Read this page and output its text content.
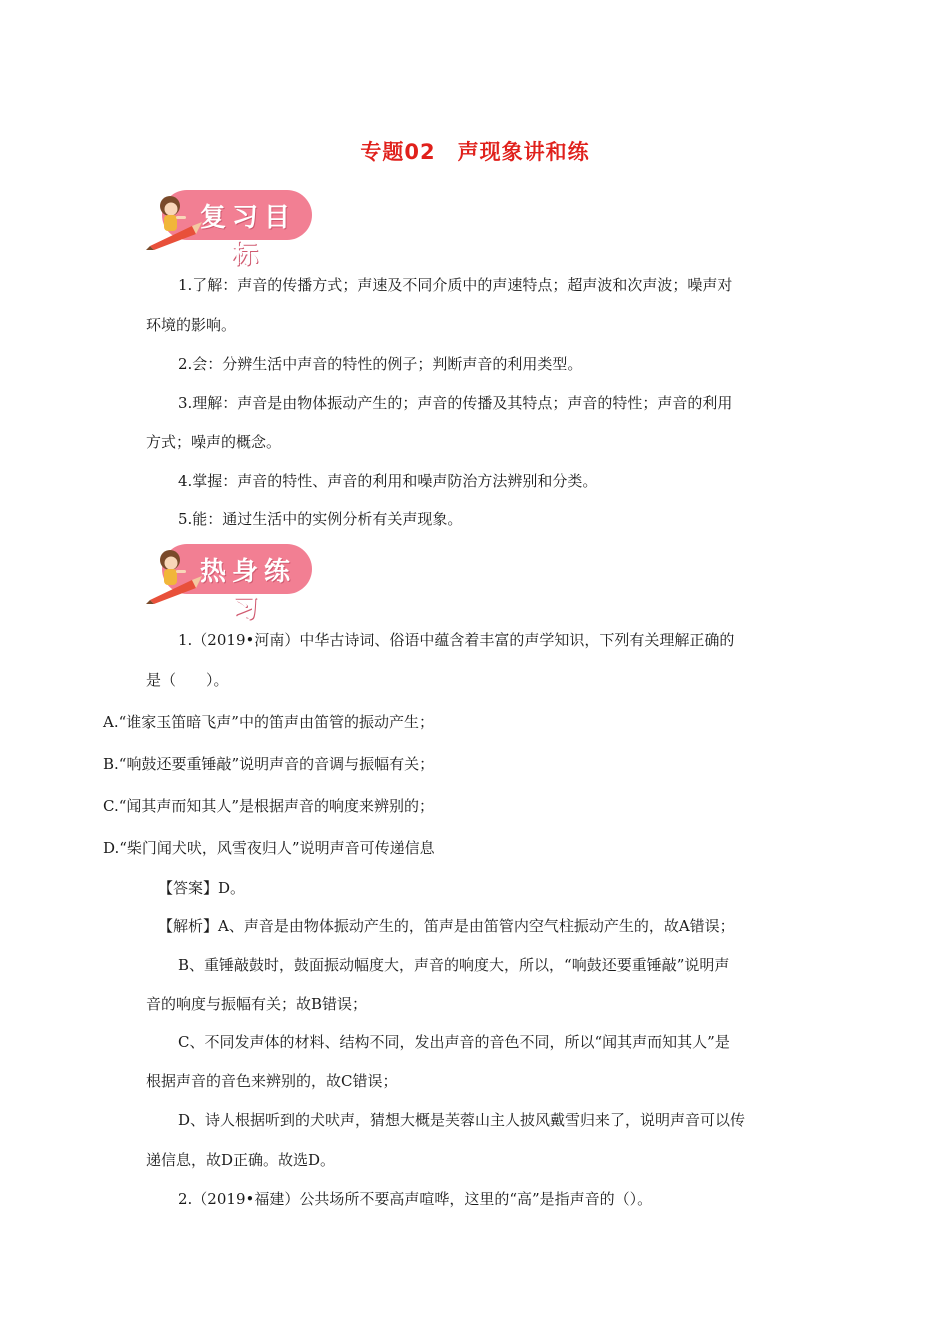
专题02　声现象讲和练
复习目标
1.了解：声音的传播方式；声速及不同介质中的声速特点；超声波和次声波；噪声对
环境的影响。
2.会：分辨生活中声音的特性的例子；判断声音的利用类型。
3.理解：声音是由物体振动产生的；声音的传播及其特点；声音的特性；声音的利用
方式；噪声的概念。
4.掌握：声音的特性、声音的利用和噪声防治方法辨别和分类。
5.能：通过生活中的实例分析有关声现象。
热身练习
1.（2019•河南）中华古诗词、俗语中蕴含着丰富的声学知识，下列有关理解正确的
是（　　）。
A.“谁家玉笛暗飞声”中的笛声由笛管的振动产生；
B.“响鼓还要重锤敲”说明声音的音调与振幅有关；
C.“闻其声而知其人”是根据声音的响度来辨别的；
D.“柴门闻犬吠，风雪夜归人”说明声音可传递信息
【答案】D。
【解析】A、声音是由物体振动产生的，笛声是由笛管内空气柱振动产生的，故A错误；
B、重锤敲鼓时，鼓面振动幅度大，声音的响度大，所以，“响鼓还要重锤敲”说明声
音的响度与振幅有关；故B错误；
C、不同发声体的材料、结构不同，发出声音的音色不同，所以“闻其声而知其人”是
根据声音的音色来辨别的，故C错误；
D、诗人根据听到的犬吠声，猜想大概是芙蓉山主人披风戴雪归来了，说明声音可以传
递信息，故D正确。故选D。
2.（2019•福建）公共场所不要高声喧哗，这里的“高”是指声音的（）。
